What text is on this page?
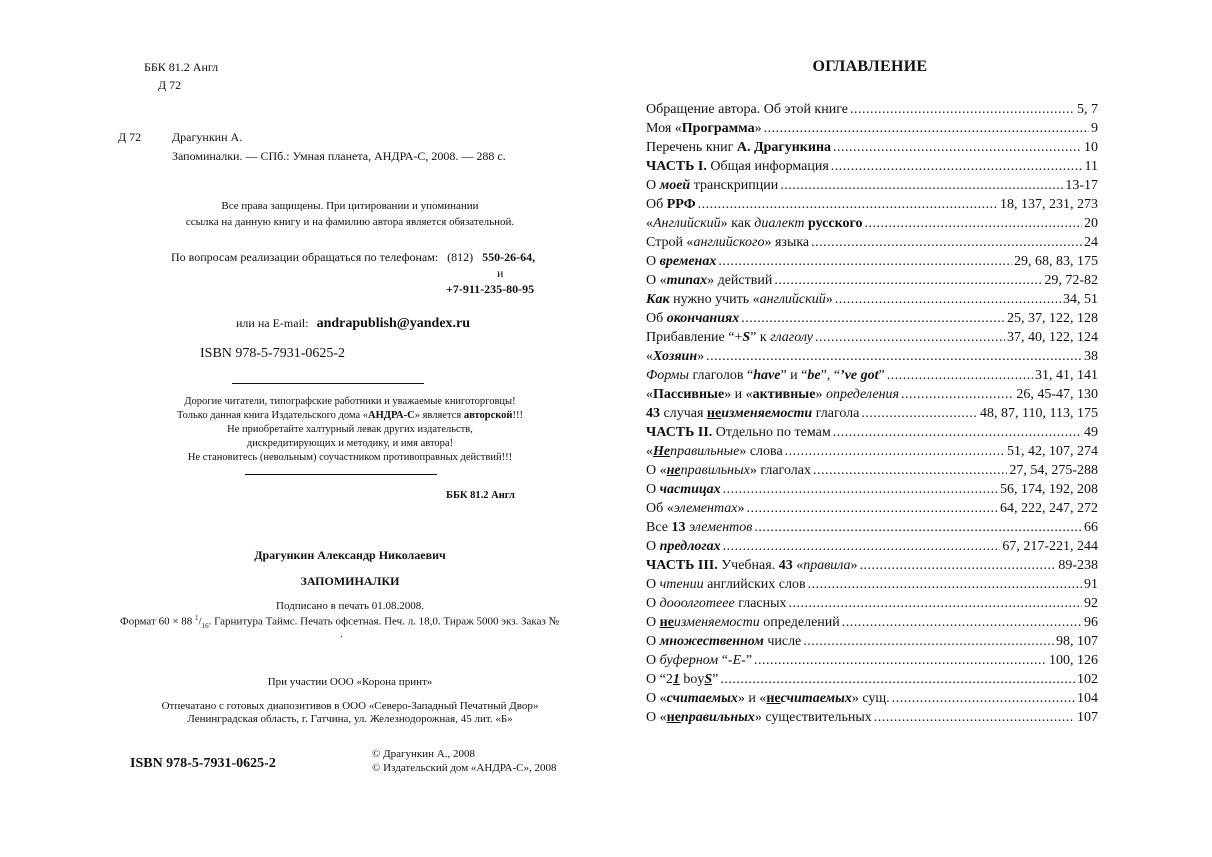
ББК 81.2 Англ
Д 72
Д 72	Драгункин А.
Запоминалки. — СПб.: Умная планета, АНДРА-С, 2008. — 288 с.
Все права защищены. При цитировании и упоминании
ссылка на данную книгу и на фамилию автора является обязательной.
По вопросам реализации обращаться по телефонам: (812) 550-26-64,
и
+7-911-235-80-95
или на E-mail: andrapublish@yandex.ru
ISBN 978-5-7931-0625-2
Дорогие читатели, типографские работники и уважаемые книготорговцы!
Только данная книга Издательского дома «АНДРА-С» является авторской!!!
Не приобретайте халтурный левак других издательств,
дискредитирующих и методику, и имя автора!
Не становитесь (невольным) соучастником противоправных действий!!!
ББК 81.2 Англ
Драгункин Александр Николаевич
ЗАПОМИНАЛКИ
Подписано в печать 01.08.2008.
Формат 60 × 88 $^1/_{16}$. Гарнитура Таймс. Печать офсетная. Печ. л. 18,0. Тираж 5000 экз. Заказ №
.
При участии ООО «Корона принт»
Отпечатано с готовых диапозитивов в ООО «Северо-Западный Печатный Двор»
Ленинградская область, г. Гатчина, ул. Железнодорожная, 45 лит. «Б»
ISBN 978-5-7931-0625-2
© Драгункин А., 2008
© Издательский дом «АНДРА-С», 2008
ОГЛАВЛЕНИЕ
Обращение автора. Об этой книге .....	5, 7
Моя «Программа» .....	9
Перечень книг А. Драгункина .....	10
ЧАСТЬ I. Общая информация .....	11
О моей транскрипции .....	13-17
Об РРФ .....	18, 137, 231, 273
«Английский» как диалект русского .....	20
Строй «английского» языка .....	24
О временах .....	29, 68, 83, 175
О «типах» действий .....	29, 72-82
Как нужно учить «английский» .....	34, 51
Об окончаниях .....	25, 37, 122, 128
Прибавление “+S” к глаголу .....	37, 40, 122, 124
«Хозяин» .....	38
Формы глаголов “have” и “be”, “’ve got” .....	31, 41, 141
«Пассивные» и «активные» определения .....	26, 45-47, 130
43 случая неизменяемости глагола .....	48, 87, 110, 113, 175
ЧАСТЬ II. Отдельно по темам .....	49
«Неправильные» слова .....	51, 42, 107, 274
О «неправильных» глаголах .....	27, 54, 275-288
О частицах .....	56, 174, 192, 208
Об «элементах» .....	64, 222, 247, 272
Все 13 элементов .....	66
О предлогах .....	67, 217-221, 244
ЧАСТЬ III. Учебная. 43 «правила» .....	89-238
О чтении английских слов .....	91
О дооолготеее гласных .....	92
О неизменяемости определений .....	96
О множественном числе .....	98, 107
О буферном “-E-” .....	100, 126
О “21 boyS” .....	102
О «считаемых» и «несчитаемых» сущ. .....	104
О «неправильных» существительных .....	107
